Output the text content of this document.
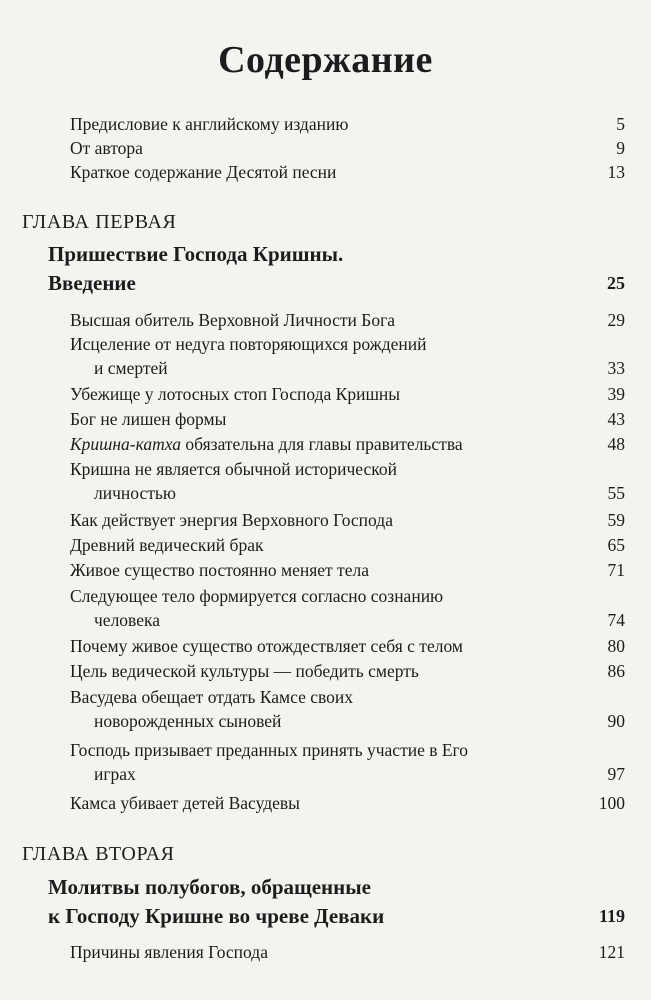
Содержание
Предисловие к английскому изданию	5
От автора	9
Краткое содержание Десятой песни	13
ГЛАВА ПЕРВАЯ
Пришествие Господа Кришны.
Введение	25
Высшая обитель Верховной Личности Бога	29
Исцеление от недуга повторяющихся рождений
и смертей	33
Убежище у лотосных стоп Господа Кришны	39
Бог не лишен формы	43
Кришна-катха обязательна для главы правительства	48
Кришна не является обычной исторической
личностью	55
Как действует энергия Верховного Господа	59
Древний ведический брак	65
Живое существо постоянно меняет тела	71
Следующее тело формируется согласно сознанию
человека	74
Почему живое существо отождествляет себя с телом	80
Цель ведической культуры — победить смерть	86
Васудева обещает отдать Камсе своих
новорожденных сыновей	90
Господь призывает преданных принять участие в Его
играх	97
Камса убивает детей Васудевы	100
ГЛАВА ВТОРАЯ
Молитвы полубогов, обращенные
к Господу Кришне во чреве Деваки	119
Причины явления Господа	121
